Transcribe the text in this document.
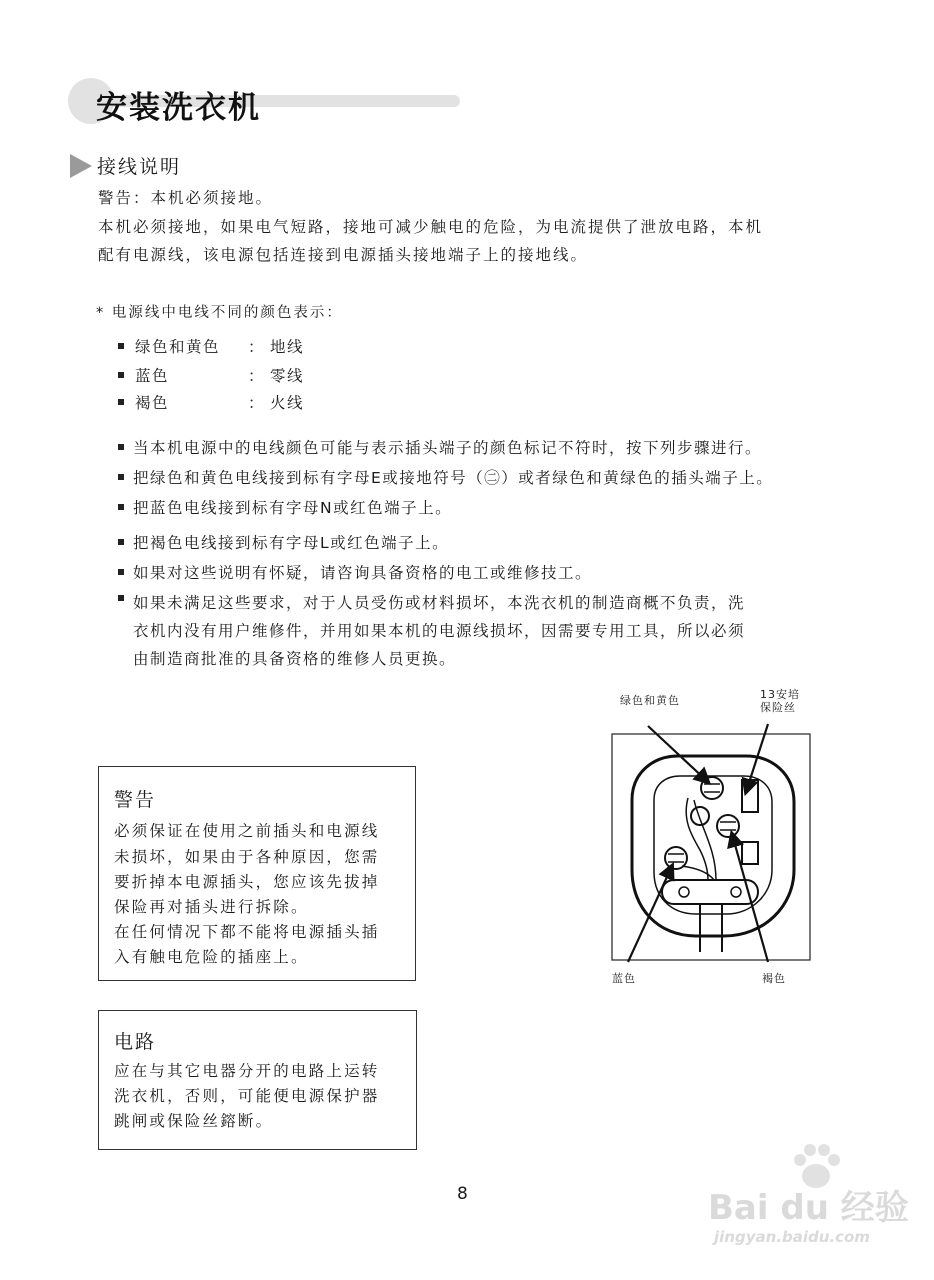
安装洗衣机
接线说明
警告：本机必须接地。
本机必须接地，如果电气短路，接地可减少触电的危险，为电流提供了泄放电路，本机
配有电源线，该电源包括连接到电源插头接地端子上的接地线。
* 电源线中电线不同的颜色表示：
绿色和黄色 ： 地线
蓝色	： 零线
褐色	： 火线
当本机电源中的电线颜色可能与表示插头端子的颜色标记不符时，按下列步骤进行。
把绿色和黄色电线接到标有字母E或接地符号（㊁）或者绿色和黄绿色的插头端子上。
把蓝色电线接到标有字母N或红色端子上。
把褐色电线接到标有字母L或红色端子上。
如果对这些说明有怀疑，请咨询具备资格的电工或维修技工。
如果未满足这些要求，对于人员受伤或材料损坏，本洗衣机的制造商概不负责，洗
衣机内没有用户维修件，并用如果本机的电源线损坏，因需要专用工具，所以必须
由制造商批准的具备资格的维修人员更换。
警告
必须保证在使用之前插头和电源线
未损坏，如果由于各种原因，您需
要折掉本电源插头，您应该先拔掉
保险再对插头进行拆除。
在任何情况下都不能将电源插头插
入有触电危险的插座上。
电路
应在与其它电器分开的电路上运转
洗衣机，否则，可能便电源保护器
跳闸或保险丝鎔断。
绿色和黄色	13安培
保险丝
蓝色	褐色
8	Bai du 经验
jingyan.baidu.com
